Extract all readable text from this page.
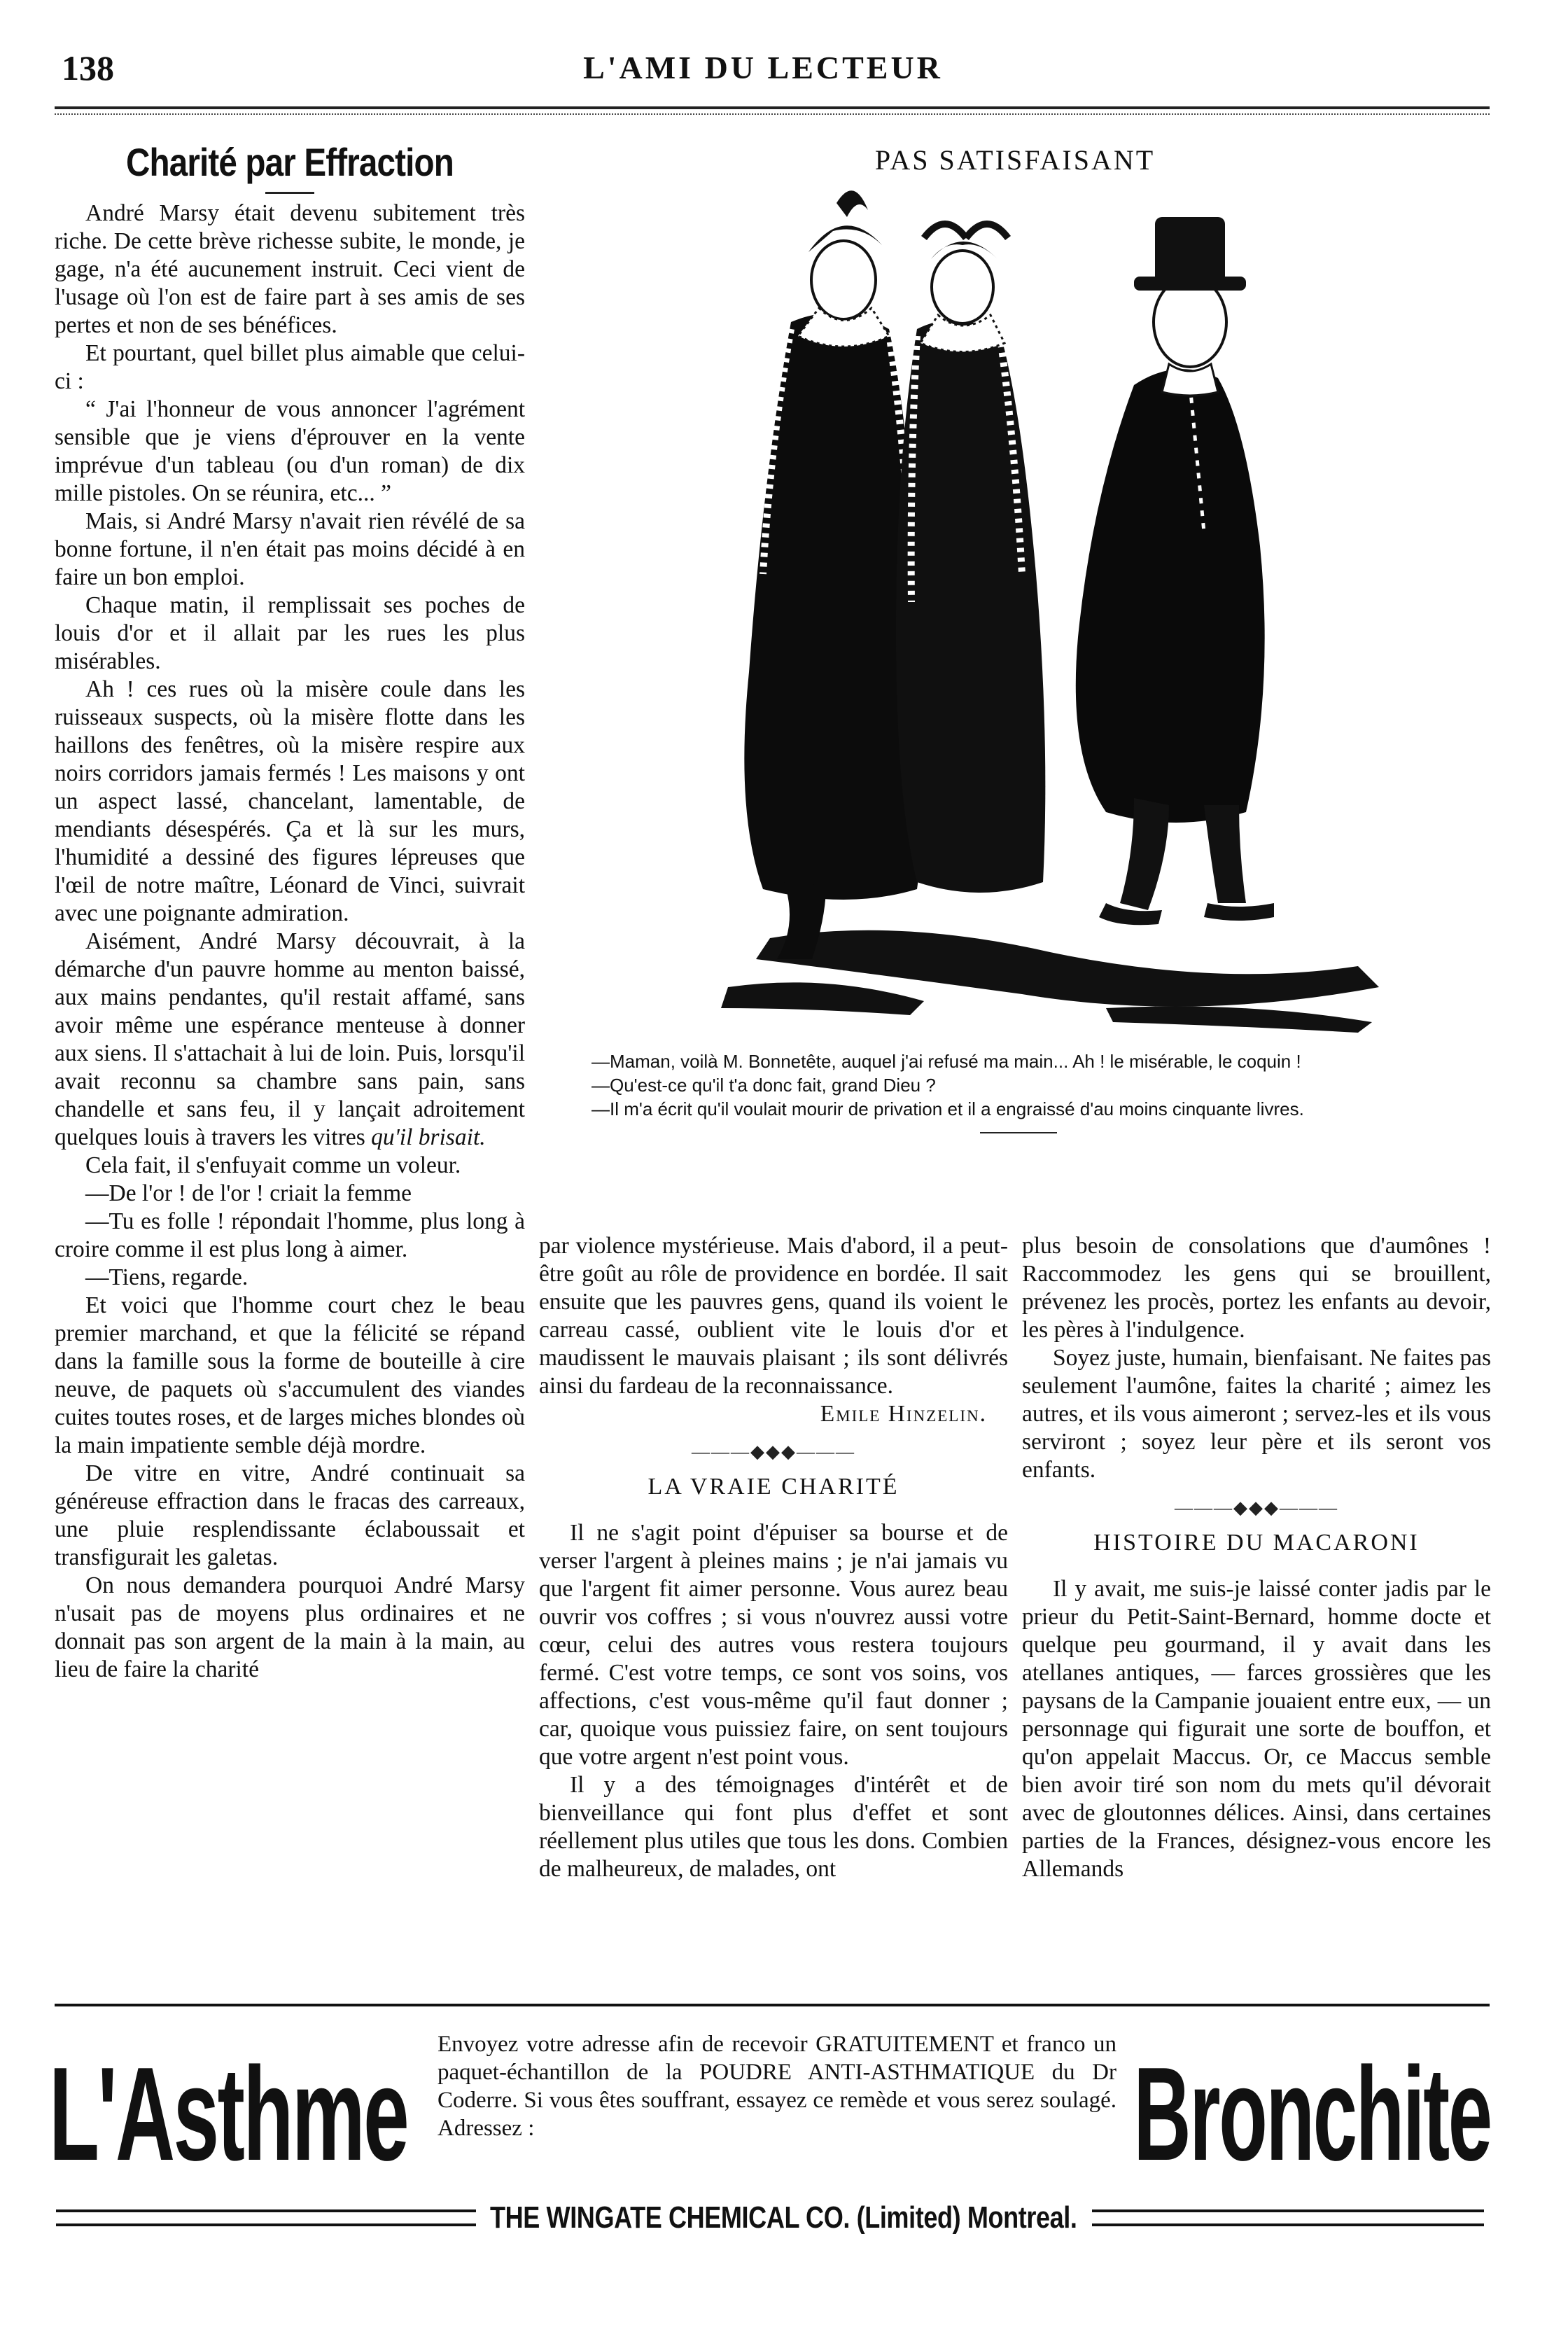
138	L'AMI DU LECTEUR
Charité par Effraction

André Marsy était devenu subitement très riche. De cette brève richesse subite, le monde, je gage, n'a été aucunement instruit. Ceci vient de l'usage où l'on est de faire part à ses amis de ses pertes et non de ses bénéfices.

Et pourtant, quel billet plus aimable que celui-ci :

“ J'ai l'honneur de vous annoncer l'agrément sensible que je viens d'éprouver en la vente imprévue d'un tableau (ou d'un roman) de dix mille pistoles. On se réunira, etc... ”

Mais, si André Marsy n'avait rien révélé de sa bonne fortune, il n'en était pas moins décidé à en faire un bon emploi.

Chaque matin, il remplissait ses poches de louis d'or et il allait par les rues les plus misérables.

Ah ! ces rues où la misère coule dans les ruisseaux suspects, où la misère flotte dans les haillons des fenêtres, où la misère respire aux noirs corridors jamais fermés ! Les maisons y ont un aspect lassé, chancelant, lamentable, de mendiants désespérés. Ça et là sur les murs, l'humidité a dessiné des figures lépreuses que l'œil de notre maître, Léonard de Vinci, suivrait avec une poignante admiration.

Aisément, André Marsy découvrait, à la démarche d'un pauvre homme au menton baissé, aux mains pendantes, qu'il restait affamé, sans avoir même une espérance menteuse à donner aux siens. Il s'attachait à lui de loin. Puis, lorsqu'il avait reconnu sa chambre sans pain, sans chandelle et sans feu, il y lançait adroitement quelques louis à travers les vitres qu'il brisait.

Cela fait, il s'enfuyait comme un voleur.

—De l'or ! de l'or ! criait la femme

—Tu es folle ! répondait l'homme, plus long à croire comme il est plus long à aimer.

—Tiens, regarde.

Et voici que l'homme court chez le beau premier marchand, et que la félicité se répand dans la famille sous la forme de bouteille à cire neuve, de paquets où s'accumulent des viandes cuites toutes roses, et de larges miches blondes où la main impatiente semble déjà mordre.

De vitre en vitre, André continuait sa généreuse effraction dans le fracas des carreaux, une pluie resplendissante éclaboussait et transfigurait les galetas.

On nous demandera pourquoi André Marsy n'usait pas de moyens plus ordinaires et ne donnait pas son argent de la main à la main, au lieu de faire la charité

PAS SATISFAISANT

—Maman, voilà M. Bonnetête, auquel j'ai refusé ma main... Ah ! le misérable, le coquin !

—Qu'est-ce qu'il t'a donc fait, grand Dieu ?

—Il m'a écrit qu'il voulait mourir de privation et il a engraissé d'au moins cinquante livres.

par violence mystérieuse. Mais d'abord, il a peut-être goût au rôle de providence en bordée. Il sait ensuite que les pauvres gens, quand ils voient le carreau cassé, oublient vite le louis d'or et maudissent le mauvais plaisant ; ils sont délivrés ainsi du fardeau de la reconnaissance.

Emile Hinzelin.

———◆◆◆———
LA VRAIE CHARITÉ

Il ne s'agit point d'épuiser sa bourse et de verser l'argent à pleines mains ; je n'ai jamais vu que l'argent fit aimer personne. Vous aurez beau ouvrir vos coffres ; si vous n'ouvrez aussi votre cœur, celui des autres vous restera toujours fermé. C'est votre temps, ce sont vos soins, vos affections, c'est vous-même qu'il faut donner ; car, quoique vous puissiez faire, on sent toujours que votre argent n'est point vous.

Il y a des témoignages d'intérêt et de bienveillance qui font plus d'effet et sont réellement plus utiles que tous les dons. Combien de malheureux, de malades, ont

plus besoin de consolations que d'aumônes ! Raccommodez les gens qui se brouillent, prévenez les procès, portez les enfants au devoir, les pères à l'indulgence.

Soyez juste, humain, bienfaisant. Ne faites pas seulement l'aumône, faites la charité ; aimez les autres, et ils vous aimeront ; servez-les et ils vous serviront ; soyez leur père et ils seront vos enfants.

———◆◆◆———
HISTOIRE DU MACARONI

Il y avait, me suis-je laissé conter jadis par le prieur du Petit-Saint-Bernard, homme docte et quelque peu gourmand, il y avait dans les atellanes antiques, — farces grossières que les paysans de la Campanie jouaient entre eux, — un personnage qui figurait une sorte de bouffon, et qu'on appelait Maccus. Or, ce Maccus semble bien avoir tiré son nom du mets qu'il dévorait avec de gloutonnes délices. Ainsi, dans certaines parties de la Frances, désignez-vous encore les Allemands

L'Asthme Envoyez votre adresse afin de recevoir GRATUITEMENT et franco un paquet-échantillon de la POUDRE ANTI-ASTHMATIQUE du Dr Coderre. Si vous êtes souffrant, essayez ce remède et vous serez soulagé. Adressez :	Bronchite
THE WINGATE CHEMICAL CO. (Limited) Montreal.
